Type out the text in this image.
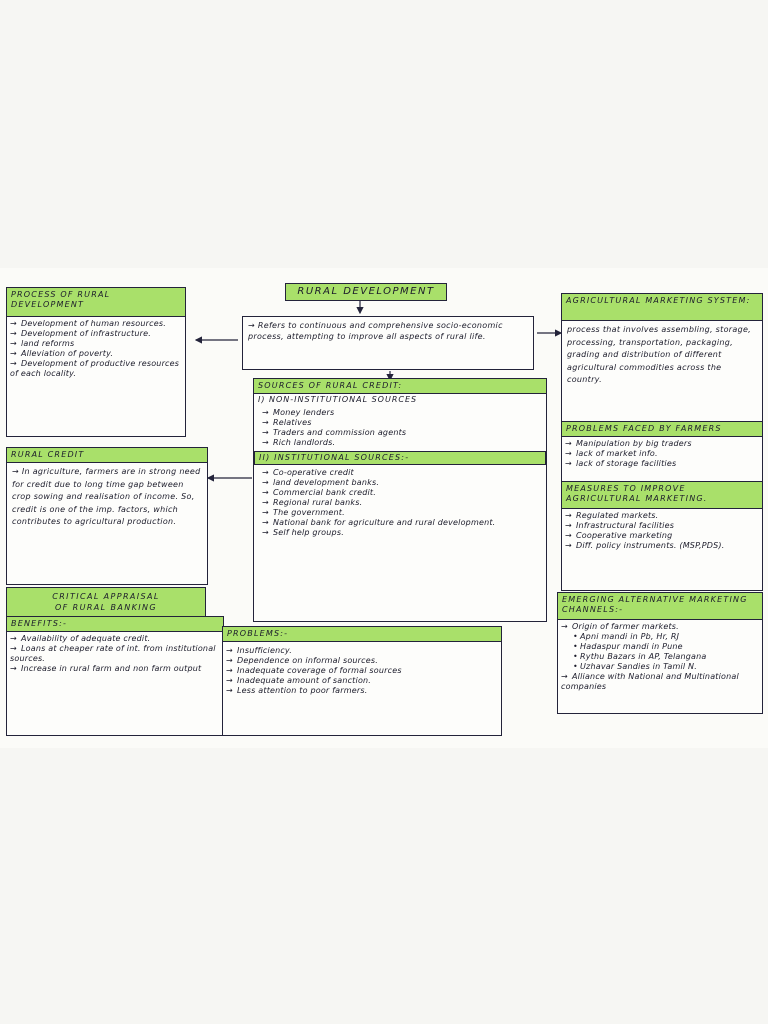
RURAL DEVELOPMENT
→ Refers to continuous and comprehensive socio-economic process, attempting to improve all aspects of rural life.
PROCESS OF RURAL DEVELOPMENT
→ Development of human resources.
→ Development of infrastructure.
→ land reforms
→ Alleviation of poverty.
→ Development of productive resources of each locality.
RURAL CREDIT
→ In agriculture, farmers are in strong need for credit due to long time gap between crop sowing and realisation of income. So, credit is one of the imp. factors, which contributes to agricultural production.
SOURCES OF RURAL CREDIT:
I) NON-INSTITUTIONAL SOURCES
→ Money lenders
→ Relatives
→ Traders and commission agents
→ Rich landlords.
II) INSTITUTIONAL SOURCES:-
→ Co-operative credit
→ land development banks.
→ Commercial bank credit.
→ Regional rural banks.
→ The government.
→ National bank for agriculture and rural development.
→ Self help groups.
AGRICULTURAL MARKETING SYSTEM:
process that involves assembling, storage, processing, transportation, packaging, grading and distribution of different agricultural commodities across the country.
PROBLEMS FACED BY FARMERS
→ Manipulation by big traders
→ lack of market info.
→ lack of storage facilities
MEASURES TO IMPROVE AGRICULTURAL MARKETING.
→ Regulated markets.
→ Infrastructural facilities
→ Cooperative marketing
→ Diff. policy instruments. (MSP,PDS).
EMERGING ALTERNATIVE MARKETING CHANNELS:-
→ Origin of farmer markets.
• Apni mandi in Pb, Hr, RJ
• Hadaspur mandi in Pune
• Rythu Bazars in AP, Telangana
• Uzhavar Sandies in Tamil N.
→ Alliance with National and Multinational companies
CRITICAL APPRAISAL OF RURAL BANKING
BENEFITS:-
→ Availability of adequate credit.
→ Loans at cheaper rate of int. from institutional sources.
→ Increase in rural farm and non farm output
PROBLEMS:-
→ Insufficiency.
→ Dependence on informal sources.
→ Inadequate coverage of formal sources
→ Inadequate amount of sanction.
→ Less attention to poor farmers.
